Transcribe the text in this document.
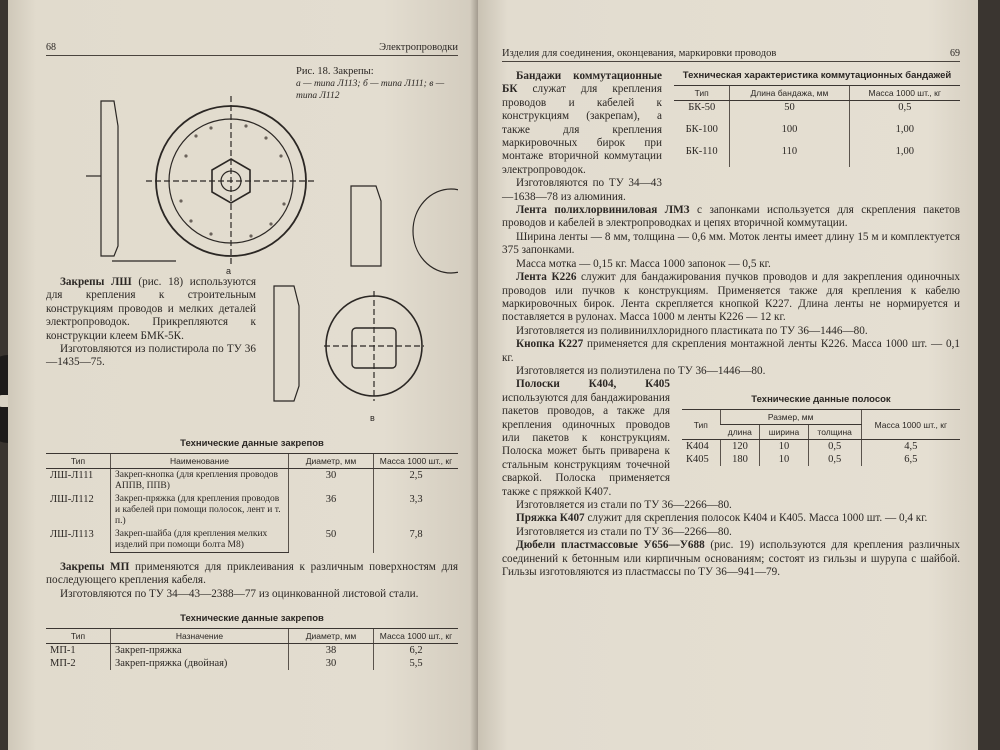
68	Электропроводки
а
Рис. 18. Закрепы:
а — типа Л113; б — типа Л111; в — типа Л112

Закрепы ЛШ (рис. 18) используются для крепления к строительным конструкциям проводов и мелких деталей электропроводок. Прикрепляются к конструкции клеем БМК-5К.

Изготовляются из полистирола по ТУ 36—1435—75.

в
Технические данные закрепов
Тип	Наименование	Диаметр, мм	Масса 1000 шт., кг
ЛШ-Л111	Закреп-кнопка (для крепления проводов АППВ, ППВ)	30	2,5
ЛШ-Л112	Закреп-пряжка (для крепления проводов и кабелей при помощи полосок, лент и т. п.)	36	3,3
ЛШ-Л113	Закреп-шайба (для крепления мелких изделий при помощи болта М8)	50	7,8

Закрепы МП применяются для приклеивания к различным поверхностям для последующего крепления кабеля.

Изготовляются по ТУ 34—43—2388—77 из оцинкованной листовой стали.

Технические данные закрепов
Тип	Назначение	Диаметр, мм	Масса 1000 шт., кг
МП-1	Закреп-пряжка	38	6,2
МП-2	Закреп-пряжка (двойная)	30	5,5
Изделия для соединения, оконцевания, маркировки проводов	69

Бандажи коммутационные БК служат для крепления проводов и кабелей к конструкциям (закрепам), а также для крепления маркировочных бирок при монтаже вторичной коммутации электропроводок.

Изготовляются по ТУ 34—43—1638—78 из алюминия.

Техническая характеристика коммутационных бандажей
Тип	Длина бандажа, мм	Масса 1000 шт., кг
БК-50	50	0,5
БК-100	100	1,00
БК-110	110	1,00

Лента полихлорвиниловая ЛМЗ с запонками используется для скрепления пакетов проводов и кабелей в электропроводках и цепях вторичной коммутации.

Ширина ленты — 8 мм, толщина — 0,6 мм. Моток ленты имеет длину 15 м и комплектуется 375 запонками.

Масса мотка — 0,15 кг. Масса 1000 запонок — 0,5 кг.

Лента К226 служит для бандажирования пучков проводов и для закрепления одиночных проводов или пучков к конструкциям. Применяется также для крепления к кабелю маркировочных бирок. Лента скрепляется кнопкой К227. Длина ленты не нормируется и поставляется в рулонах. Масса 1000 м ленты К226 — 12 кг.

Изготовляется из поливинилхлоридного пластиката по ТУ 36—1446—80.

Кнопка К227 применяется для скрепления монтажной ленты К226. Масса 1000 шт. — 0,1 кг.

Изготовляется из полиэтилена по ТУ 36—1446—80.

Полоски К404, К405 используются для бандажирования пакетов проводов, а также для крепления одиночных проводов или пакетов к конструкциям. Полоска может быть приварена к стальным конструкциям точечной сваркой. Полоска применяется также с пряжкой К407.

Технические данные полосок
Тип	Размер, мм			Масса 1000 шт., кг
	длина	ширина	толщина	
К404	120	10	0,5	4,5
К405	180	10	0,5	6,5

Изготовляется из стали по ТУ 36—2266—80.

Пряжка К407 служит для скрепления полосок К404 и К405. Масса 1000 шт. — 0,4 кг.

Изготовляется из стали по ТУ 36—2266—80.

Дюбели пластмассовые У656—У688 (рис. 19) используются для крепления различных соединений к бетонным или кирпичным основаниям; состоят из гильзы и шурупа с шайбой. Гильзы изготовляются из пластмассы по ТУ 36—941—79.
